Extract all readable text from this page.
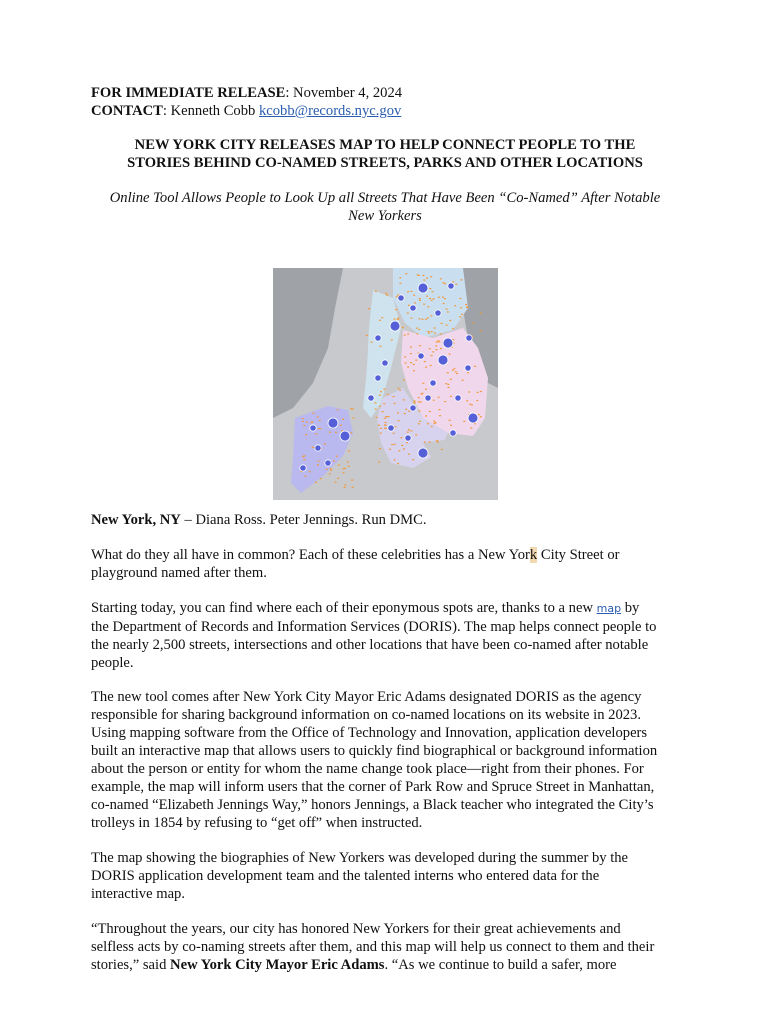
FOR IMMEDIATE RELEASE: November 4, 2024

CONTACT: Kenneth Cobb kcobb@records.nyc.gov

NEW YORK CITY RELEASES MAP TO HELP CONNECT PEOPLE TO THE
STORIES BEHIND CO-NAMED STREETS, PARKS AND OTHER LOCATIONS

Online Tool Allows People to Look Up all Streets That Have Been “Co-Named” After Notable
New Yorkers

New York, NY – Diana Ross. Peter Jennings. Run DMC.

What do they all have in common? Each of these celebrities has a New York City Street or
playground named after them.

Starting today, you can find where each of their eponymous spots are, thanks to a new map by
the Department of Records and Information Services (DORIS). The map helps connect people to
the nearly 2,500 streets, intersections and other locations that have been co-named after notable
people.

The new tool comes after New York City Mayor Eric Adams designated DORIS as the agency
responsible for sharing background information on co-named locations on its website in 2023.
Using mapping software from the Office of Technology and Innovation, application developers
built an interactive map that allows users to quickly find biographical or background information
about the person or entity for whom the name change took place—right from their phones. For
example, the map will inform users that the corner of Park Row and Spruce Street in Manhattan,
co-named “Elizabeth Jennings Way,” honors Jennings, a Black teacher who integrated the City’s
trolleys in 1854 by refusing to “get off” when instructed.

The map showing the biographies of New Yorkers was developed during the summer by the
DORIS application development team and the talented interns who entered data for the
interactive map.

“Throughout the years, our city has honored New Yorkers for their great achievements and
selfless acts by co-naming streets after them, and this map will help us connect to them and their
stories,” said New York City Mayor Eric Adams. “As we continue to build a safer, more
